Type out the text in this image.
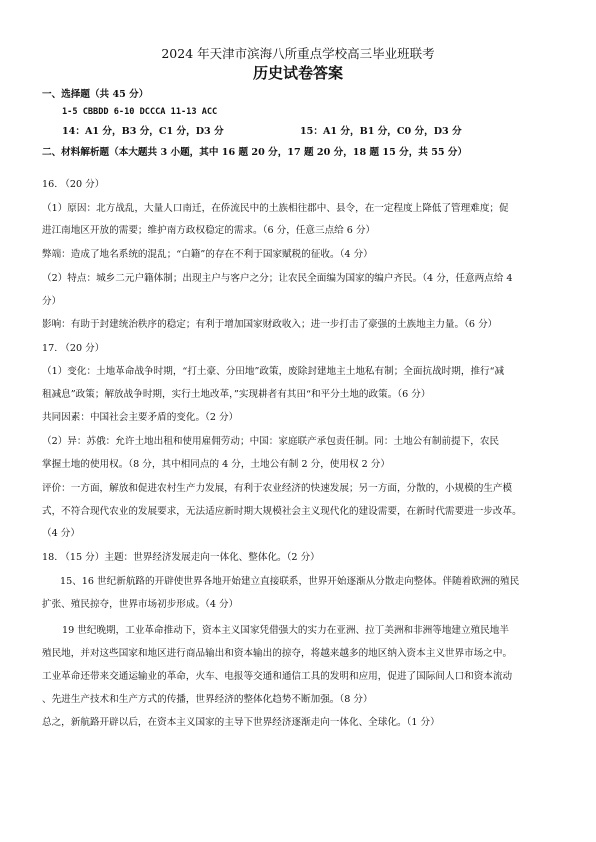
2024 年天津市滨海八所重点学校高三毕业班联考
历史试卷答案
一、选择题（共 45 分）
1-5 CBBDD 6-10 DCCCA 11-13 ACC
14：A1 分，B3 分，C1 分，D3 分	15：A1 分，B1 分，C0 分，D3 分
二、材料解析题（本大题共 3 小题，其中 16 题 20 分，17 题 20 分，18 题 15 分，共 55 分）
16. （20 分）
（1）原因：北方战乱，大量人口南迁，在侨流民中的土族相往郡中、县令，在一定程度上降低了管理难度；促
进江南地区开放的需要；维护南方政权稳定的需求。（6 分，任意三点给 6 分）
弊端：造成了地名系统的混乱；“白籍”的存在不利于国家赋税的征收。（4 分）
（2）特点：城乡二元户籍体制；出现主户与客户之分；让农民全面编为国家的编户齐民。（4 分，任意两点给 4
分）
影响：有助于封建统治秩序的稳定；有利于增加国家财政收入；进一步打击了豪强的土族地主力量。（6 分）
17. （20 分）
（1）变化：土地革命战争时期，“打土豪、分田地”政策，废除封建地主土地私有制；全面抗战时期，推行“减
租减息”政策；解放战争时期，实行土地改革，”实现耕者有其田“和平分土地的政策。（6 分）
共同因素：中国社会主要矛盾的变化。（2 分）
（2）异：苏俄：允许土地出租和使用雇佣劳动；中国：家庭联产承包责任制。同：土地公有制前提下，农民
掌握土地的使用权。（8 分，其中相同点的 4 分，土地公有制 2 分，使用权 2 分）
评价：一方面，解放和促进农村生产力发展，有利于农业经济的快速发展；另一方面，分散的，小规模的生产模
式，不符合现代农业的发展要求，无法适应新时期大规模社会主义现代化的建设需要，在新时代需要进一步改革。
（4 分）
18. （15 分）主题：世界经济发展走向一体化、整体化。（2 分）
15、16 世纪新航路的开辟使世界各地开始建立直接联系，世界开始逐渐从分散走向整体。伴随着欧洲的殖民
扩张、殖民掠夺，世界市场初步形成。（4 分）
19 世纪晚期，工业革命推动下，资本主义国家凭借强大的实力在亚洲、拉丁美洲和非洲等地建立殖民地半
殖民地，并对这些国家和地区进行商品输出和资本输出的掠夺，将越来越多的地区纳入资本主义世界市场之中。
工业革命还带来交通运输业的革命，火车、电报等交通和通信工具的发明和应用，促进了国际间人口和资本流动
、先进生产技术和生产方式的传播，世界经济的整体化趋势不断加强。（8 分）
总之，新航路开辟以后，在资本主义国家的主导下世界经济逐渐走向一体化、全球化。（1 分）
